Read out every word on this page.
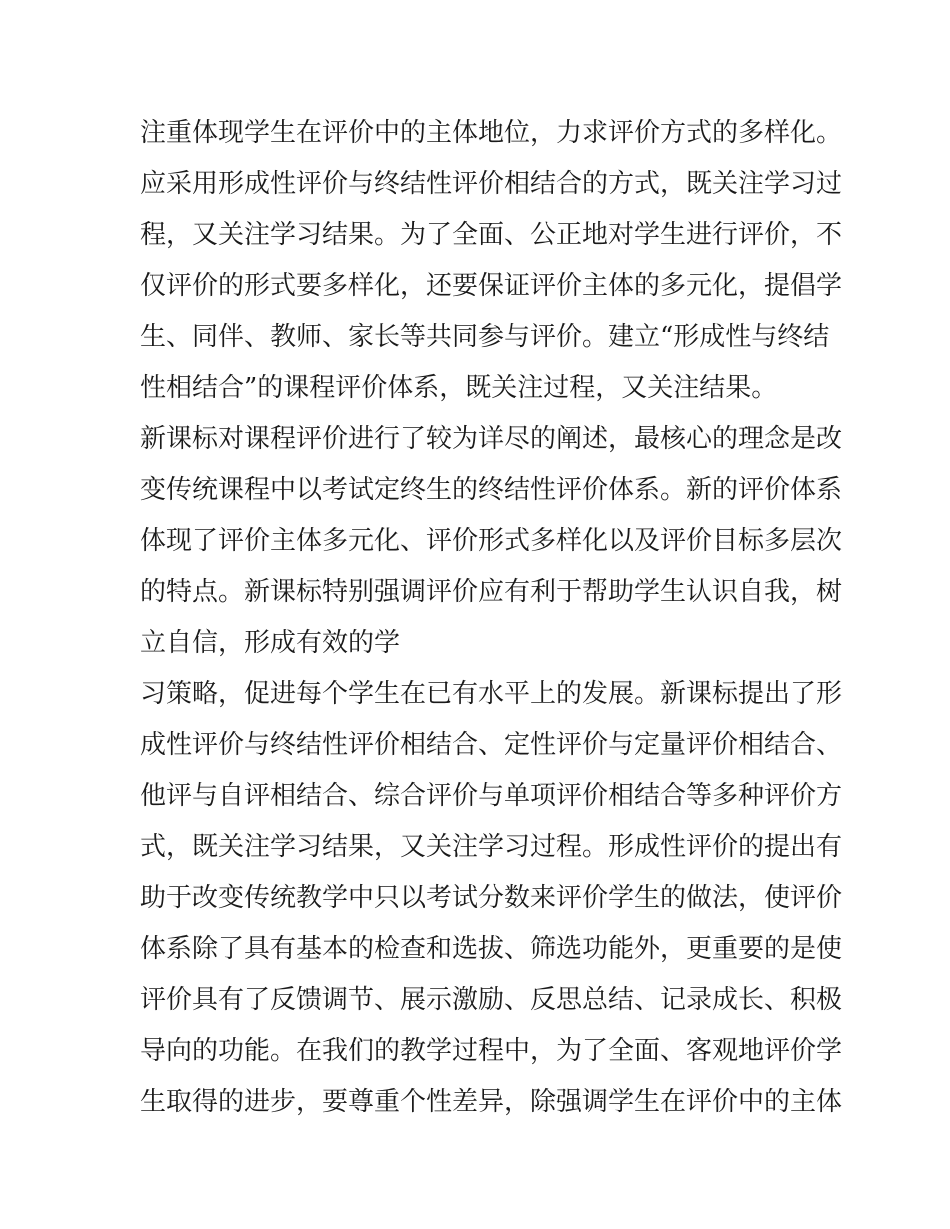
注重体现学生在评价中的主体地位，力求评价方式的多样化。

应采用形成性评价与终结性评价相结合的方式，既关注学习过

程，又关注学习结果。为了全面、公正地对学生进行评价，不

仅评价的形式要多样化，还要保证评价主体的多元化，提倡学

生、同伴、教师、家长等共同参与评价。建立“形成性与终结

性相结合”的课程评价体系，既关注过程，又关注结果。

新课标对课程评价进行了较为详尽的阐述，最核心的理念是改

变传统课程中以考试定终生的终结性评价体系。新的评价体系

体现了评价主体多元化、评价形式多样化以及评价目标多层次

的特点。新课标特别强调评价应有利于帮助学生认识自我，树

立自信，形成有效的学

习策略，促进每个学生在已有水平上的发展。新课标提出了形

成性评价与终结性评价相结合、定性评价与定量评价相结合、

他评与自评相结合、综合评价与单项评价相结合等多种评价方

式，既关注学习结果，又关注学习过程。形成性评价的提出有

助于改变传统教学中只以考试分数来评价学生的做法，使评价

体系除了具有基本的检查和选拔、筛选功能外，更重要的是使

评价具有了反馈调节、展示激励、反思总结、记录成长、积极

导向的功能。在我们的教学过程中，为了全面、客观地评价学

生取得的进步，要尊重个性差异，除强调学生在评价中的主体
